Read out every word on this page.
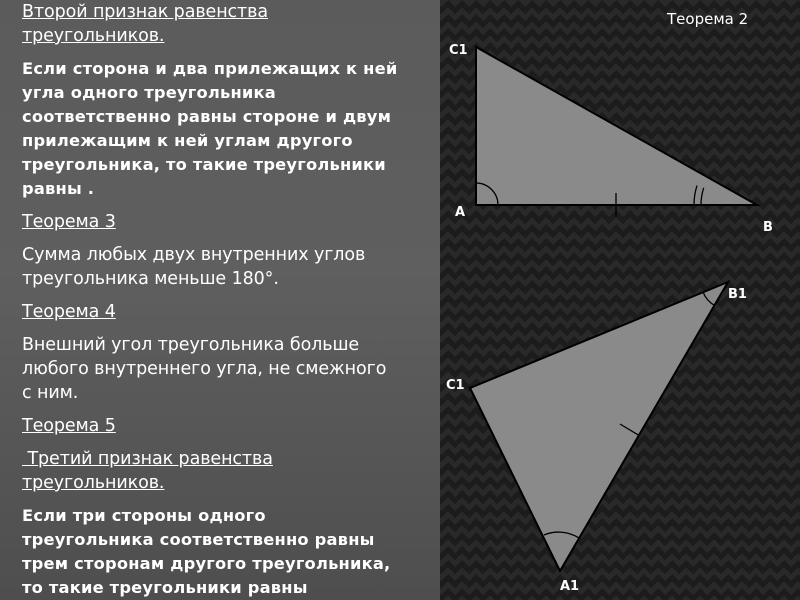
Второй признак равенства
треугольников.
Если сторона и два прилежащих к ней
угла одного треугольника
соответственно равны стороне и двум
прилежащим к ней углам другого
треугольника, то такие треугольники
равны .
Теорема 3
Сумма любых двух внутренних углов
треугольника меньше 180°.
Теорема 4
Внешний угол треугольника больше
любого внутреннего угла, не смежного
с ним.
Теорема 5
Третий признак равенства
треугольников.
Если три стороны одного
треугольника соответственно равны
трем сторонам другого треугольника,
то такие треугольники равны
Теорема 2
C1
A
B
B1
C1
A1
